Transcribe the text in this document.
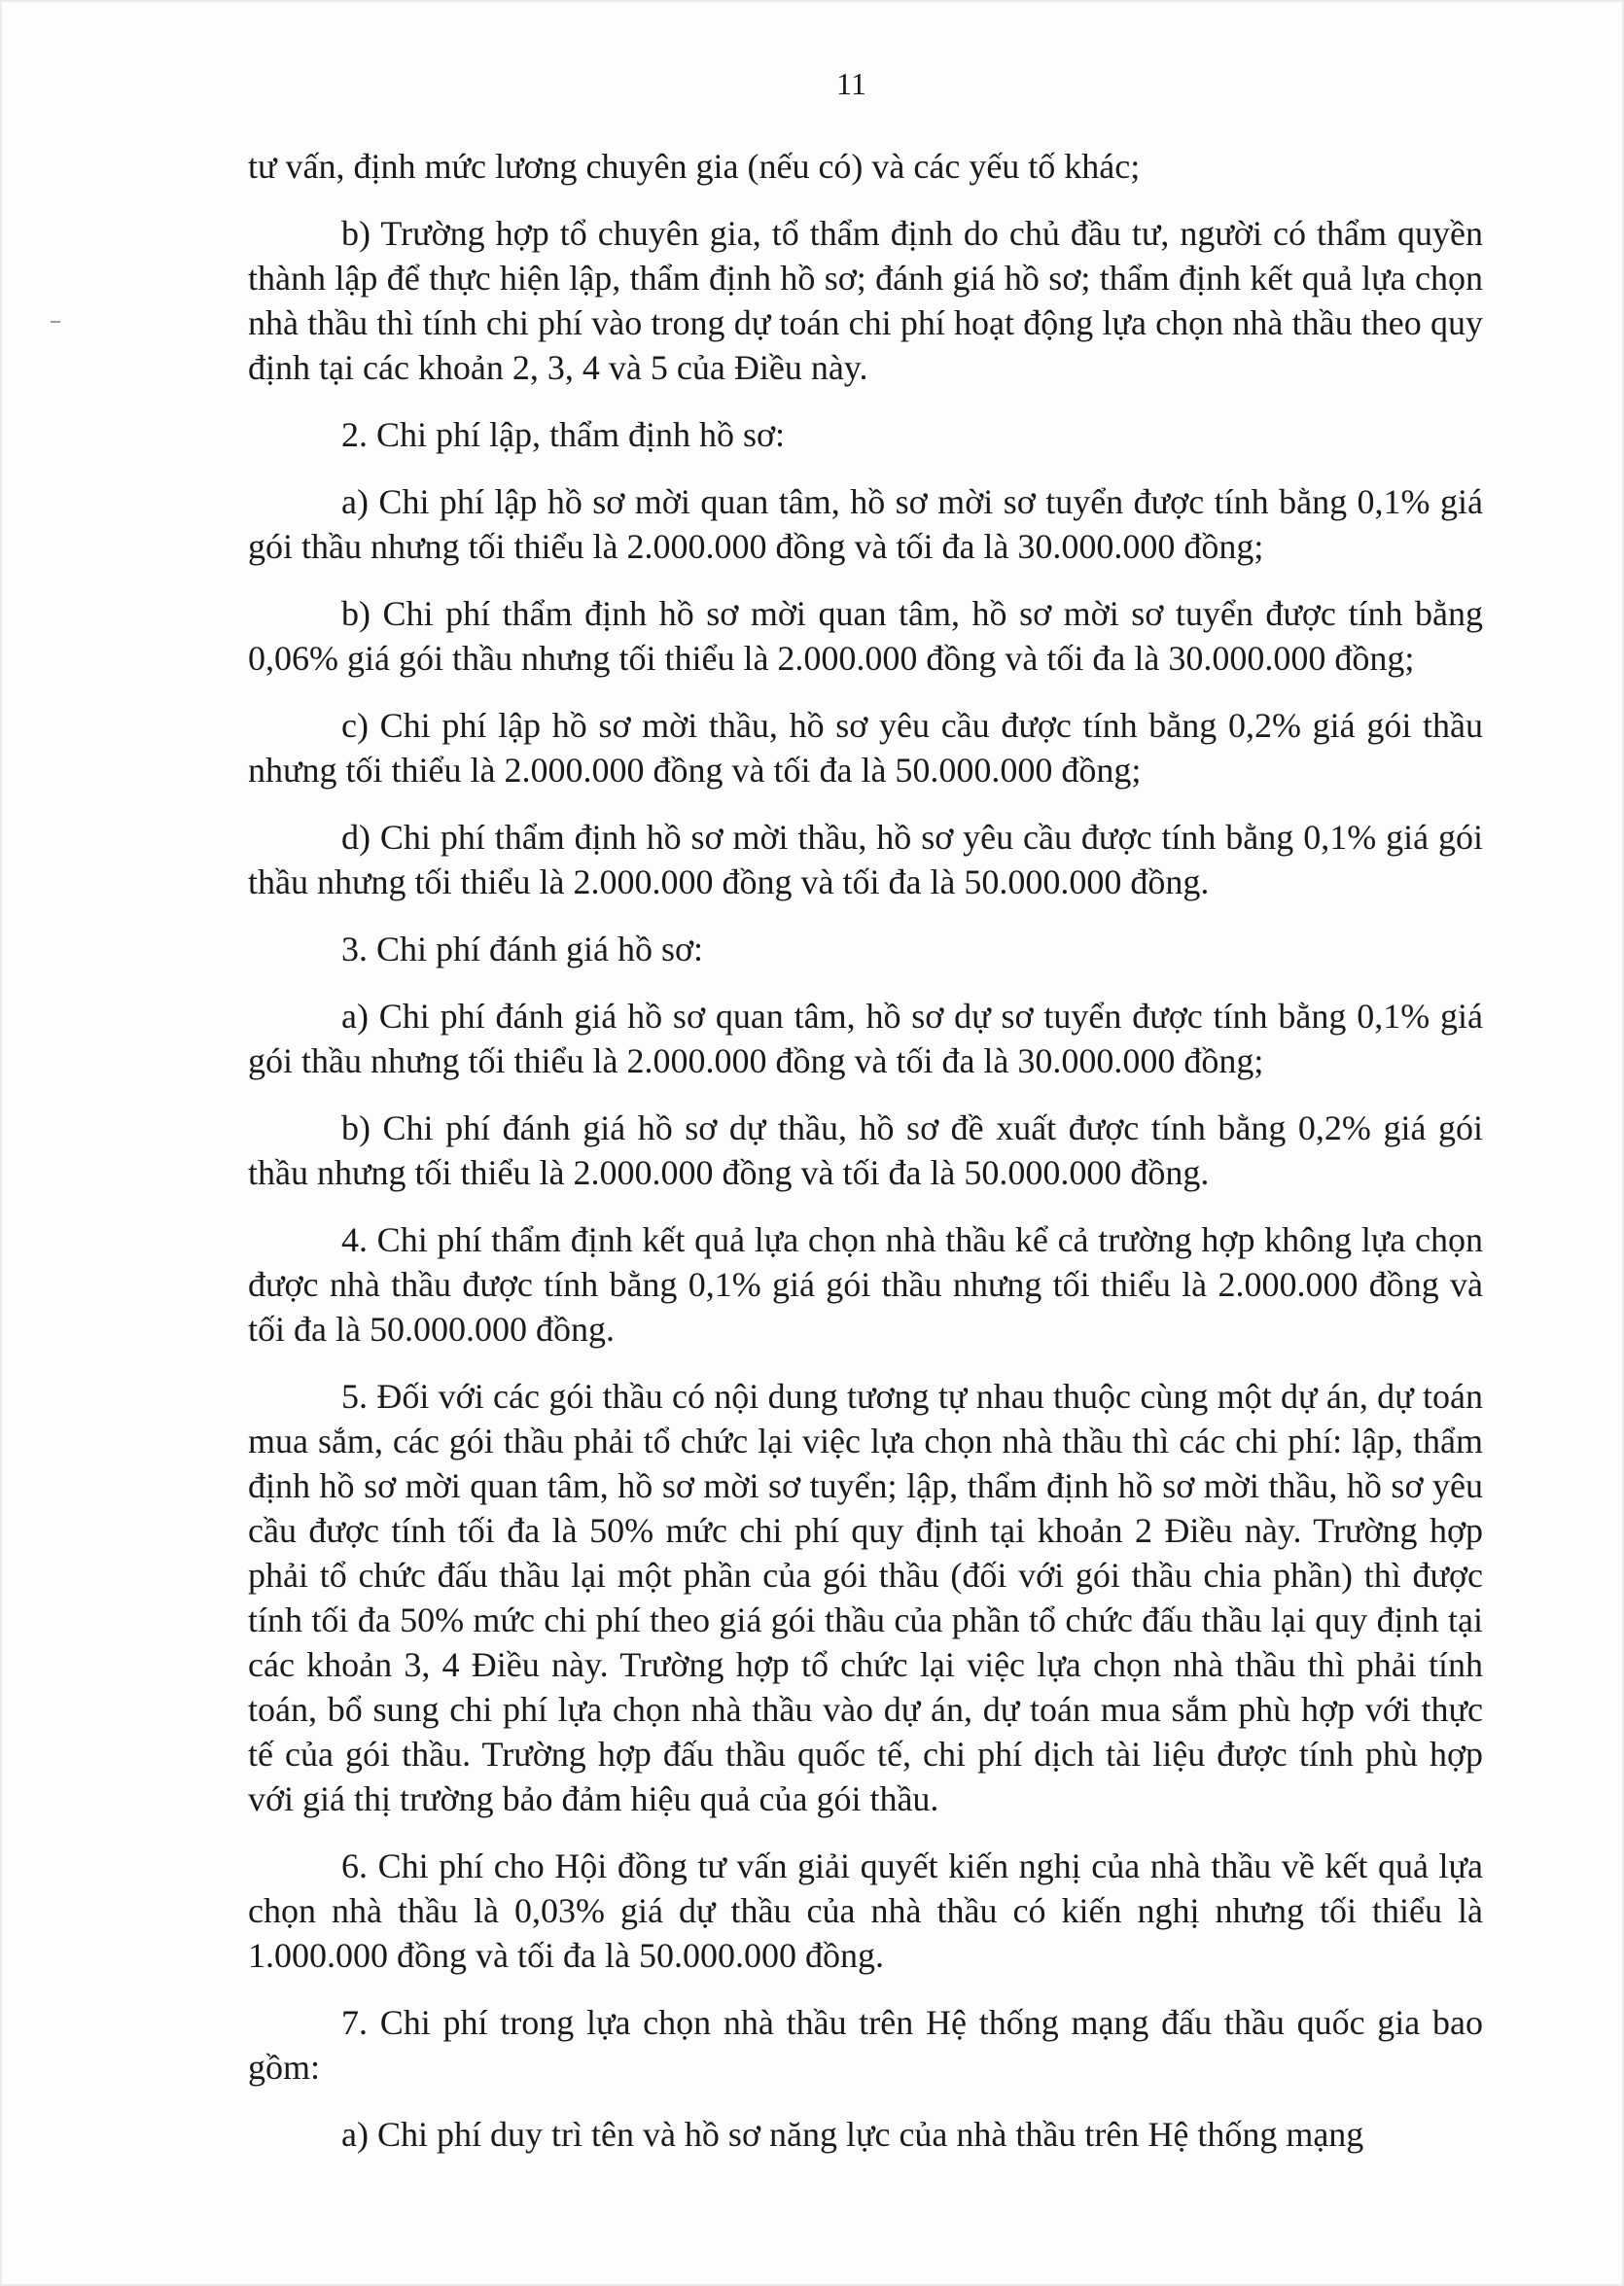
11

tư vấn, định mức lương chuyên gia (nếu có) và các yếu tố khác;

b) Trường hợp tổ chuyên gia, tổ thẩm định do chủ đầu tư, người có thẩm quyền thành lập để thực hiện lập, thẩm định hồ sơ; đánh giá hồ sơ; thẩm định kết quả lựa chọn nhà thầu thì tính chi phí vào trong dự toán chi phí hoạt động lựa chọn nhà thầu theo quy định tại các khoản 2, 3, 4 và 5 của Điều này.

2. Chi phí lập, thẩm định hồ sơ:

a) Chi phí lập hồ sơ mời quan tâm, hồ sơ mời sơ tuyển được tính bằng 0,1% giá gói thầu nhưng tối thiểu là 2.000.000 đồng và tối đa là 30.000.000 đồng;

b) Chi phí thẩm định hồ sơ mời quan tâm, hồ sơ mời sơ tuyển được tính bằng 0,06% giá gói thầu nhưng tối thiểu là 2.000.000 đồng và tối đa là 30.000.000 đồng;

c) Chi phí lập hồ sơ mời thầu, hồ sơ yêu cầu được tính bằng 0,2% giá gói thầu nhưng tối thiểu là 2.000.000 đồng và tối đa là 50.000.000 đồng;

d) Chi phí thẩm định hồ sơ mời thầu, hồ sơ yêu cầu được tính bằng 0,1% giá gói thầu nhưng tối thiểu là 2.000.000 đồng và tối đa là 50.000.000 đồng.

3. Chi phí đánh giá hồ sơ:

a) Chi phí đánh giá hồ sơ quan tâm, hồ sơ dự sơ tuyển được tính bằng 0,1% giá gói thầu nhưng tối thiểu là 2.000.000 đồng và tối đa là 30.000.000 đồng;

b) Chi phí đánh giá hồ sơ dự thầu, hồ sơ đề xuất được tính bằng 0,2% giá gói thầu nhưng tối thiểu là 2.000.000 đồng và tối đa là 50.000.000 đồng.

4. Chi phí thẩm định kết quả lựa chọn nhà thầu kể cả trường hợp không lựa chọn được nhà thầu được tính bằng 0,1% giá gói thầu nhưng tối thiểu là 2.000.000 đồng và tối đa là 50.000.000 đồng.

5. Đối với các gói thầu có nội dung tương tự nhau thuộc cùng một dự án, dự toán mua sắm, các gói thầu phải tổ chức lại việc lựa chọn nhà thầu thì các chi phí: lập, thẩm định hồ sơ mời quan tâm, hồ sơ mời sơ tuyển; lập, thẩm định hồ sơ mời thầu, hồ sơ yêu cầu được tính tối đa là 50% mức chi phí quy định tại khoản 2 Điều này. Trường hợp phải tổ chức đấu thầu lại một phần của gói thầu (đối với gói thầu chia phần) thì được tính tối đa 50% mức chi phí theo giá gói thầu của phần tổ chức đấu thầu lại quy định tại các khoản 3, 4 Điều này. Trường hợp tổ chức lại việc lựa chọn nhà thầu thì phải tính toán, bổ sung chi phí lựa chọn nhà thầu vào dự án, dự toán mua sắm phù hợp với thực tế của gói thầu. Trường hợp đấu thầu quốc tế, chi phí dịch tài liệu được tính phù hợp với giá thị trường bảo đảm hiệu quả của gói thầu.

6. Chi phí cho Hội đồng tư vấn giải quyết kiến nghị của nhà thầu về kết quả lựa chọn nhà thầu là 0,03% giá dự thầu của nhà thầu có kiến nghị nhưng tối thiểu là 1.000.000 đồng và tối đa là 50.000.000 đồng.

7. Chi phí trong lựa chọn nhà thầu trên Hệ thống mạng đấu thầu quốc gia bao gồm:

a) Chi phí duy trì tên và hồ sơ năng lực của nhà thầu trên Hệ thống mạng
